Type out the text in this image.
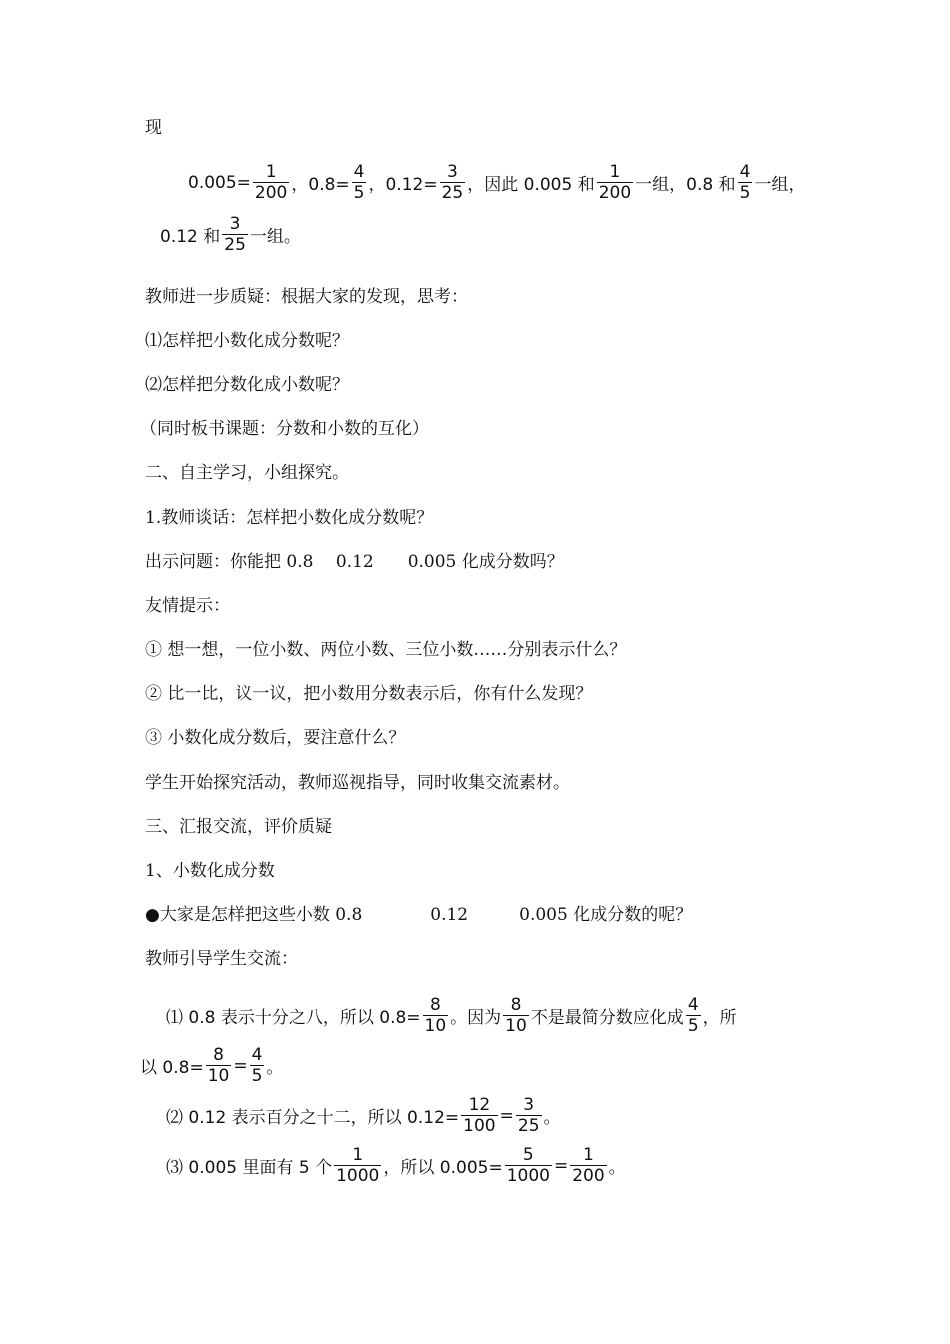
现
$0.005= \frac{1}{200}$ ，$0.8= \frac{4}{5}$ ，$0.12= \frac{3}{25}$ ，因此 0.005 和 $\frac{1}{200}$ 一组，0.8 和 $\frac{4}{5}$ 一组，
0.12 和 $\frac{3}{25}$ 一组。
教师进一步质疑：根据大家的发现，思考：
⑴怎样把小数化成分数呢？
⑵怎样把分数化成小数呢？
（同时板书课题：分数和小数的互化）
二、自主学习，小组探究。
1.教师谈话：怎样把小数化成分数呢？
出示问题：你能把 0.8　 0.12　　0.005 化成分数吗？
友情提示：
① 想一想，一位小数、两位小数、三位小数……分别表示什么？
② 比一比，议一议，把小数用分数表示后，你有什么发现？
③ 小数化成分数后，要注意什么？
学生开始探究活动，教师巡视指导，同时收集交流素材。
三、汇报交流，评价质疑
1、小数化成分数
●大家是怎样把这些小数 0.8　　　　0.12　　　0.005 化成分数的呢？
教师引导学生交流：
⑴ 0.8 表示十分之八，所以 $0.8= \frac{8}{10}$ 。因为 $\frac{8}{10}$ 不是最简分数应化成 $\frac{4}{5}$ ，所
以 $0.8= \frac{8}{10} = \frac{4}{5}$ 。
⑵ 0.12 表示百分之十二，所以 $0.12= \frac{12}{100} = \frac{3}{25}$ 。
⑶ 0.005 里面有 5 个 $\frac{1}{1000}$ ，所以 $0.005= \frac{5}{1000} = \frac{1}{200}$ 。
